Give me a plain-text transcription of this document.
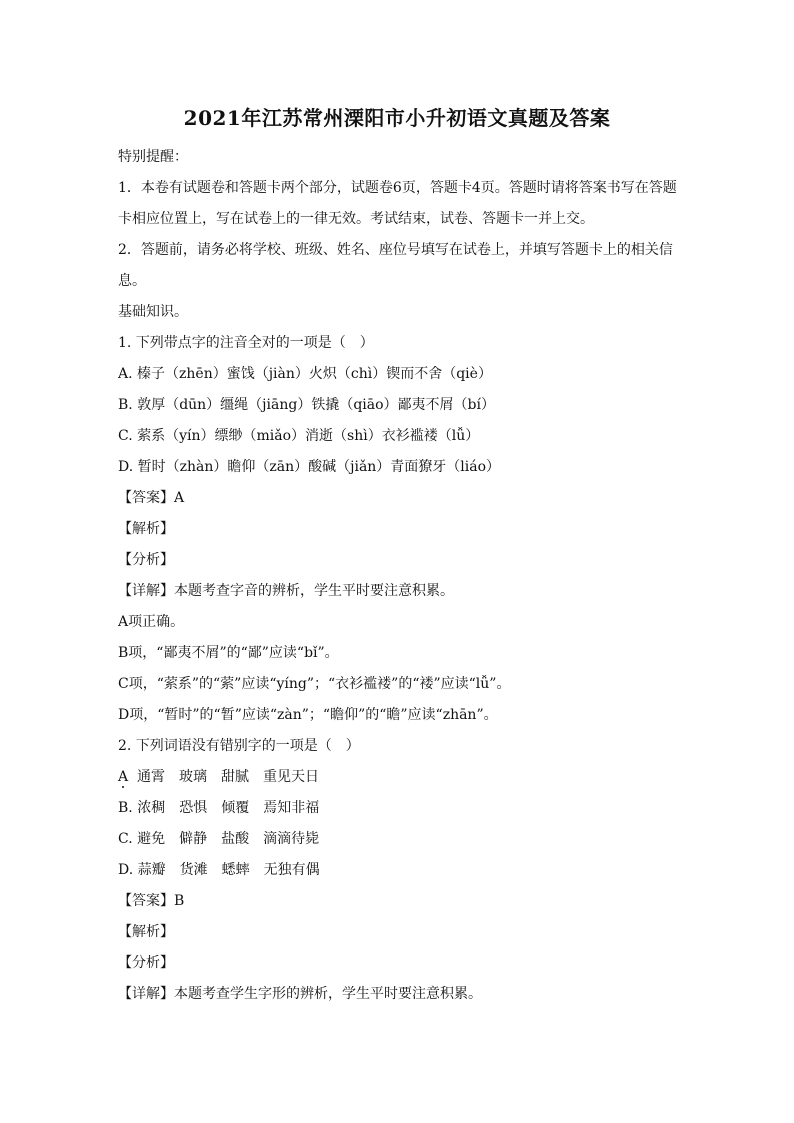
2021年江苏常州溧阳市小升初语文真题及答案

特别提醒：

1．本卷有试题卷和答题卡两个部分，试题卷6页，答题卡4页。答题时请将答案书写在答题卡相应位置上，写在试卷上的一律无效。考试结束，试卷、答题卡一并上交。

2．答题前，请务必将学校、班级、姓名、座位号填写在试卷上，并填写答题卡上的相关信息。

基础知识。

1. 下列带点字的注音全对的一项是（　）

A. 榛子（zhēn）蜜饯（jiàn）火炽（chì）锲而不舍（qiè）

B. 敦厚（dūn）缰绳（jiāng）铁撬（qiāo）鄙夷不屑（bí）

C. 萦系（yín）缥缈（miǎo）消逝（shì）衣衫褴褛（lǚ）

D. 暂时（zhàn）瞻仰（zān）酸碱（jiǎn）青面獠牙（liáo）

【答案】A

【解析】

【分析】

【详解】本题考查字音的辨析，学生平时要注意积累。

A项正确。

B项，“鄙夷不屑”的“鄙”应读“bǐ”。

C项，“萦系”的“萦”应读“yíng”；“衣衫褴褛”的“褛”应读“lǚ”。

D项，“暂时”的“暂”应读“zàn”；“瞻仰”的“瞻”应读“zhān”。

2. 下列词语没有错别字的一项是（　）

A 通霄　玻璃　甜腻　重见天日

B. 浓稠　恐惧　倾覆　焉知非福

C. 避免　僻静　盐酸　滴滴待毙

D. 蒜瓣　货滩　蟋蟀　无独有偶

【答案】B

【解析】

【分析】

【详解】本题考查学生字形的辨析，学生平时要注意积累。
